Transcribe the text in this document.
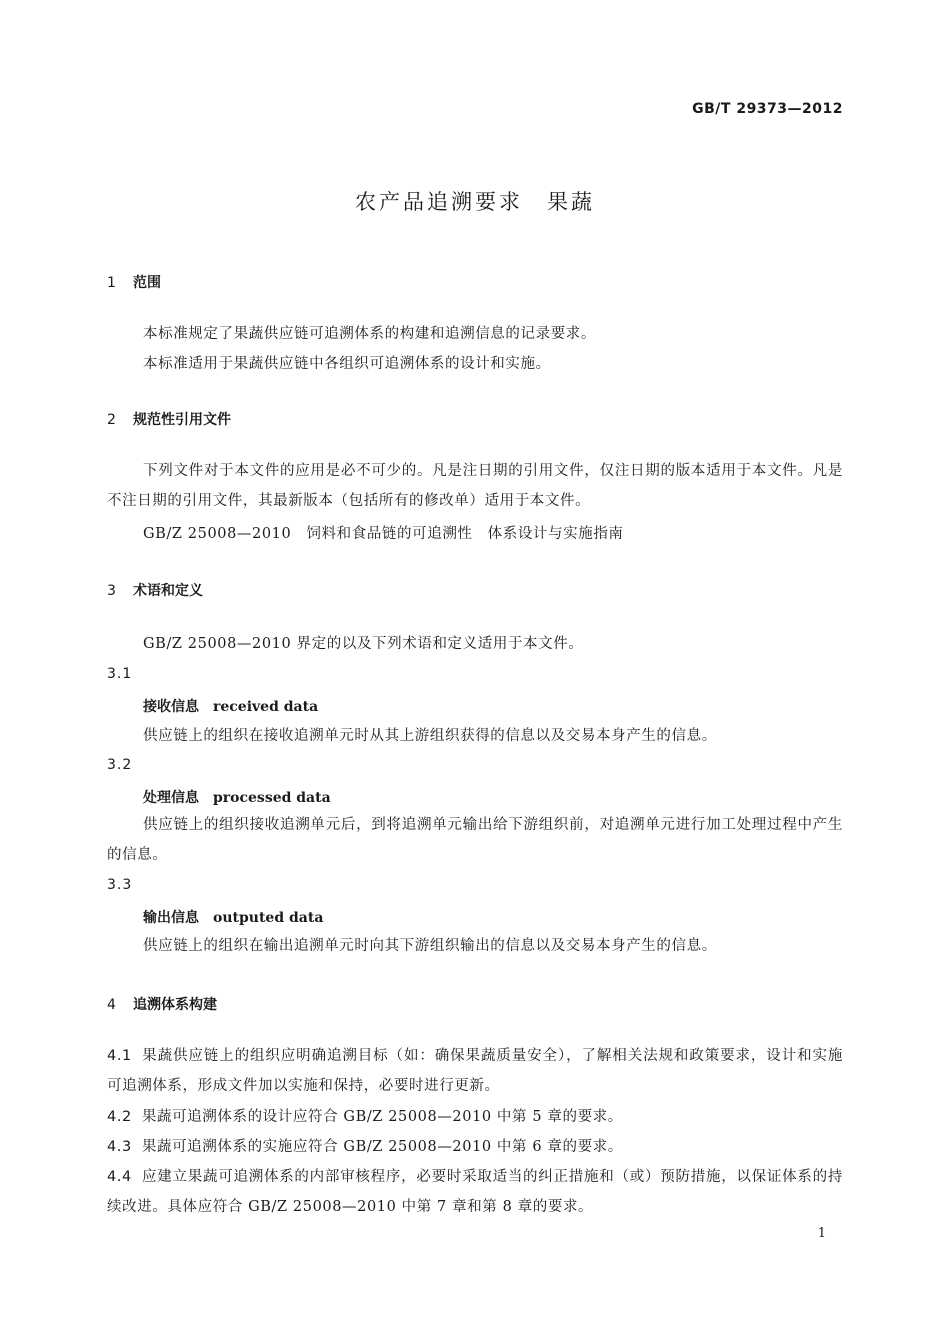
GB/T 29373—2012
农产品追溯要求　果蔬
1 范围
本标准规定了果蔬供应链可追溯体系的构建和追溯信息的记录要求。
本标准适用于果蔬供应链中各组织可追溯体系的设计和实施。
2 规范性引用文件
下列文件对于本文件的应用是必不可少的。凡是注日期的引用文件，仅注日期的版本适用于本文件。凡是不注日期的引用文件，其最新版本（包括所有的修改单）适用于本文件。
GB/Z 25008—2010　饲料和食品链的可追溯性　体系设计与实施指南
3 术语和定义
GB/Z 25008—2010 界定的以及下列术语和定义适用于本文件。
3.1
接收信息　 received data
供应链上的组织在接收追溯单元时从其上游组织获得的信息以及交易本身产生的信息。
3.2
处理信息　 processed data
供应链上的组织接收追溯单元后，到将追溯单元输出给下游组织前，对追溯单元进行加工处理过程中产生的信息。
3.3
输出信息　 outputed data
供应链上的组织在输出追溯单元时向其下游组织输出的信息以及交易本身产生的信息。
4 追溯体系构建
4.1 果蔬供应链上的组织应明确追溯目标（如：确保果蔬质量安全），了解相关法规和政策要求，设计和实施可追溯体系，形成文件加以实施和保持，必要时进行更新。
4.2 果蔬可追溯体系的设计应符合 GB/Z 25008—2010 中第 5 章的要求。
4.3 果蔬可追溯体系的实施应符合 GB/Z 25008—2010 中第 6 章的要求。
4.4 应建立果蔬可追溯体系的内部审核程序，必要时采取适当的纠正措施和（或）预防措施，以保证体系的持续改进。具体应符合 GB/Z 25008—2010 中第 7 章和第 8 章的要求。
1
